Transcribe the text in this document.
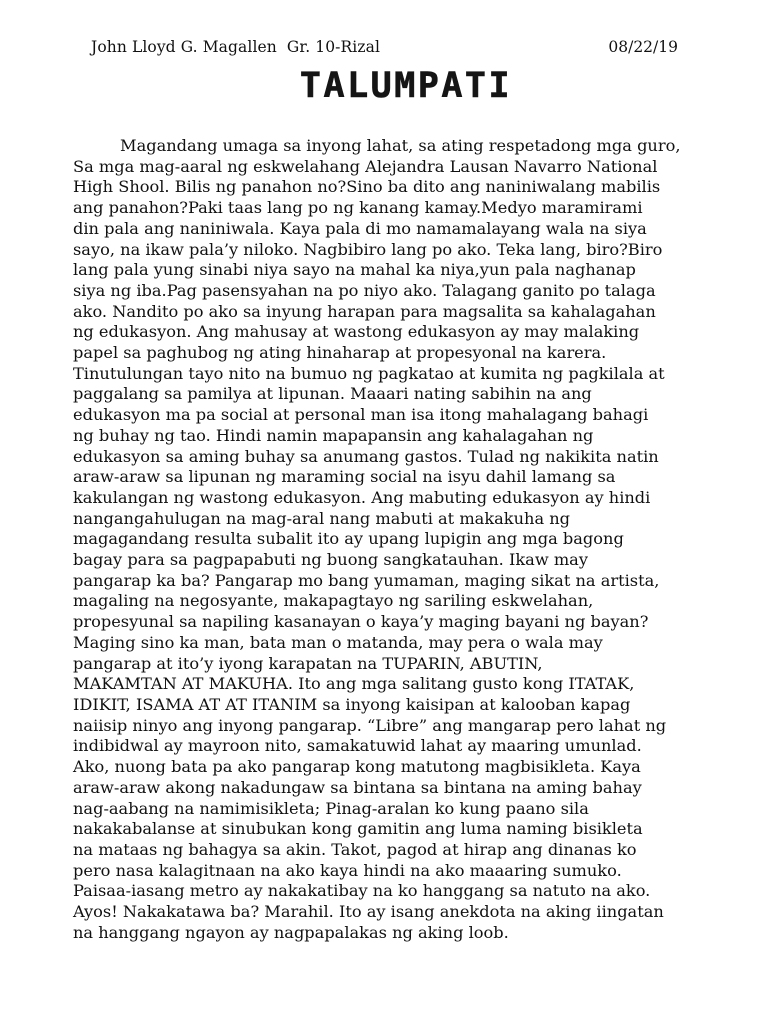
John Lloyd G. Magallen  Gr. 10-Rizal	08/22/19
TALUMPATI
Magandang umaga sa inyong lahat, sa ating respetadong mga guro,
Sa mga mag-aaral ng eskwelahang Alejandra Lausan Navarro National
High Shool. Bilis ng panahon no?Sino ba dito ang naniniwalang mabilis
ang panahon?Paki taas lang po ng kanang kamay.Medyo maramirami
din pala ang naniniwala. Kaya pala di mo namamalayang wala na siya
sayo, na ikaw pala’y niloko. Nagbibiro lang po ako. Teka lang, biro?Biro
lang pala yung sinabi niya sayo na mahal ka niya,yun pala naghanap
siya ng iba.Pag pasensyahan na po niyo ako. Talagang ganito po talaga
ako. Nandito po ako sa inyung harapan para magsalita sa kahalagahan
ng edukasyon. Ang mahusay at wastong edukasyon ay may malaking
papel sa paghubog ng ating hinaharap at propesyonal na karera.
Tinutulungan tayo nito na bumuo ng pagkatao at kumita ng pagkilala at
paggalang sa pamilya at lipunan. Maaari nating sabihin na ang
edukasyon ma pa social at personal man isa itong mahalagang bahagi
ng buhay ng tao. Hindi namin mapapansin ang kahalagahan ng
edukasyon sa aming buhay sa anumang gastos. Tulad ng nakikita natin
araw-araw sa lipunan ng maraming social na isyu dahil lamang sa
kakulangan ng wastong edukasyon. Ang mabuting edukasyon ay hindi
nangangahulugan na mag-aral nang mabuti at makakuha ng
magagandang resulta subalit ito ay upang lupigin ang mga bagong
bagay para sa pagpapabuti ng buong sangkatauhan. Ikaw may
pangarap ka ba? Pangarap mo bang yumaman, maging sikat na artista,
magaling na negosyante, makapagtayo ng sariling eskwelahan,
propesyunal sa napiling kasanayan o kaya’y maging bayani ng bayan?
Maging sino ka man, bata man o matanda, may pera o wala may
pangarap at ito’y iyong karapatan na TUPARIN, ABUTIN,
MAKAMTAN AT MAKUHA. Ito ang mga salitang gusto kong ITATAK,
IDIKIT, ISAMA AT AT ITANIM sa inyong kaisipan at kalooban kapag
naiisip ninyo ang inyong pangarap. “Libre” ang mangarap pero lahat ng
indibidwal ay mayroon nito, samakatuwid lahat ay maaring umunlad.
Ako, nuong bata pa ako pangarap kong matutong magbisikleta. Kaya
araw-araw akong nakadungaw sa bintana sa bintana na aming bahay
nag-aabang na namimisikleta; Pinag-aralan ko kung paano sila
nakakabalanse at sinubukan kong gamitin ang luma naming bisikleta
na mataas ng bahagya sa akin. Takot, pagod at hirap ang dinanas ko
pero nasa kalagitnaan na ako kaya hindi na ako maaaring sumuko.
Paisaa-iasang metro ay nakakatibay na ko hanggang sa natuto na ako.
Ayos! Nakakatawa ba? Marahil. Ito ay isang anekdota na aking iingatan
na hanggang ngayon ay nagpapalakas ng aking loob.
